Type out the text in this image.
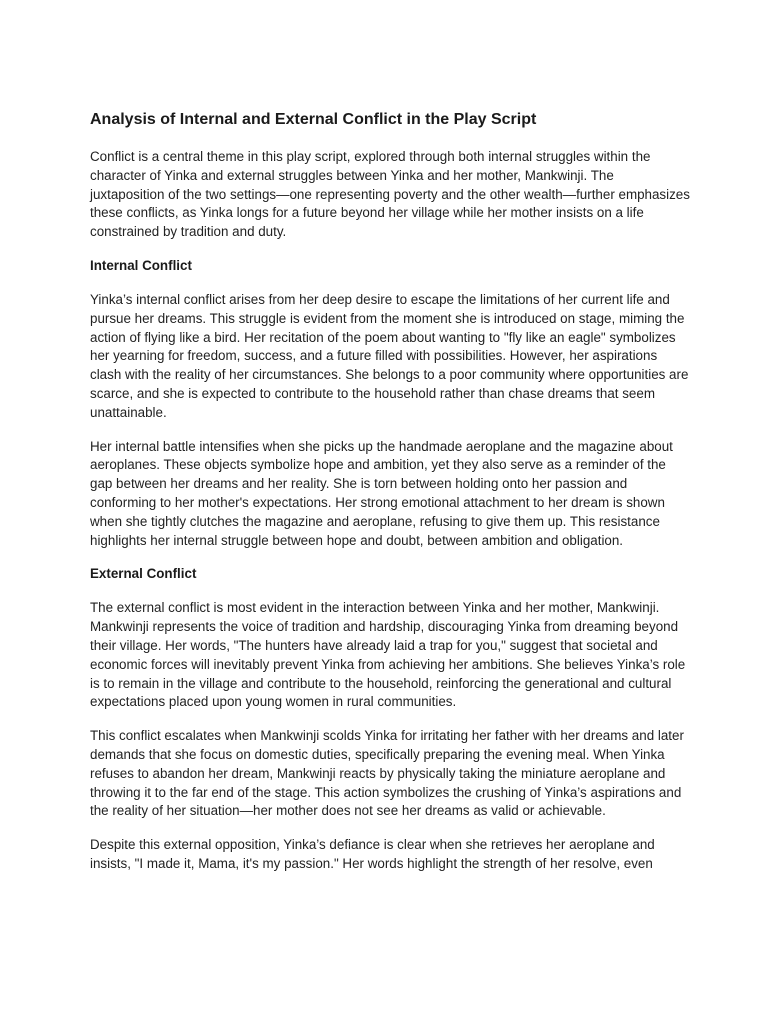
Analysis of Internal and External Conflict in the Play Script

Conflict is a central theme in this play script, explored through both internal struggles within the character of Yinka and external struggles between Yinka and her mother, Mankwinji. The juxtaposition of the two settings—one representing poverty and the other wealth—further emphasizes these conflicts, as Yinka longs for a future beyond her village while her mother insists on a life constrained by tradition and duty.

Internal Conflict

Yinka’s internal conflict arises from her deep desire to escape the limitations of her current life and pursue her dreams. This struggle is evident from the moment she is introduced on stage, miming the action of flying like a bird. Her recitation of the poem about wanting to "fly like an eagle" symbolizes her yearning for freedom, success, and a future filled with possibilities. However, her aspirations clash with the reality of her circumstances. She belongs to a poor community where opportunities are scarce, and she is expected to contribute to the household rather than chase dreams that seem unattainable.

Her internal battle intensifies when she picks up the handmade aeroplane and the magazine about aeroplanes. These objects symbolize hope and ambition, yet they also serve as a reminder of the gap between her dreams and her reality. She is torn between holding onto her passion and conforming to her mother's expectations. Her strong emotional attachment to her dream is shown when she tightly clutches the magazine and aeroplane, refusing to give them up. This resistance highlights her internal struggle between hope and doubt, between ambition and obligation.

External Conflict

The external conflict is most evident in the interaction between Yinka and her mother, Mankwinji. Mankwinji represents the voice of tradition and hardship, discouraging Yinka from dreaming beyond their village. Her words, "The hunters have already laid a trap for you," suggest that societal and economic forces will inevitably prevent Yinka from achieving her ambitions. She believes Yinka’s role is to remain in the village and contribute to the household, reinforcing the generational and cultural expectations placed upon young women in rural communities.

This conflict escalates when Mankwinji scolds Yinka for irritating her father with her dreams and later demands that she focus on domestic duties, specifically preparing the evening meal. When Yinka refuses to abandon her dream, Mankwinji reacts by physically taking the miniature aeroplane and throwing it to the far end of the stage. This action symbolizes the crushing of Yinka’s aspirations and the reality of her situation—her mother does not see her dreams as valid or achievable.

Despite this external opposition, Yinka’s defiance is clear when she retrieves her aeroplane and insists, "I made it, Mama, it's my passion." Her words highlight the strength of her resolve, even
